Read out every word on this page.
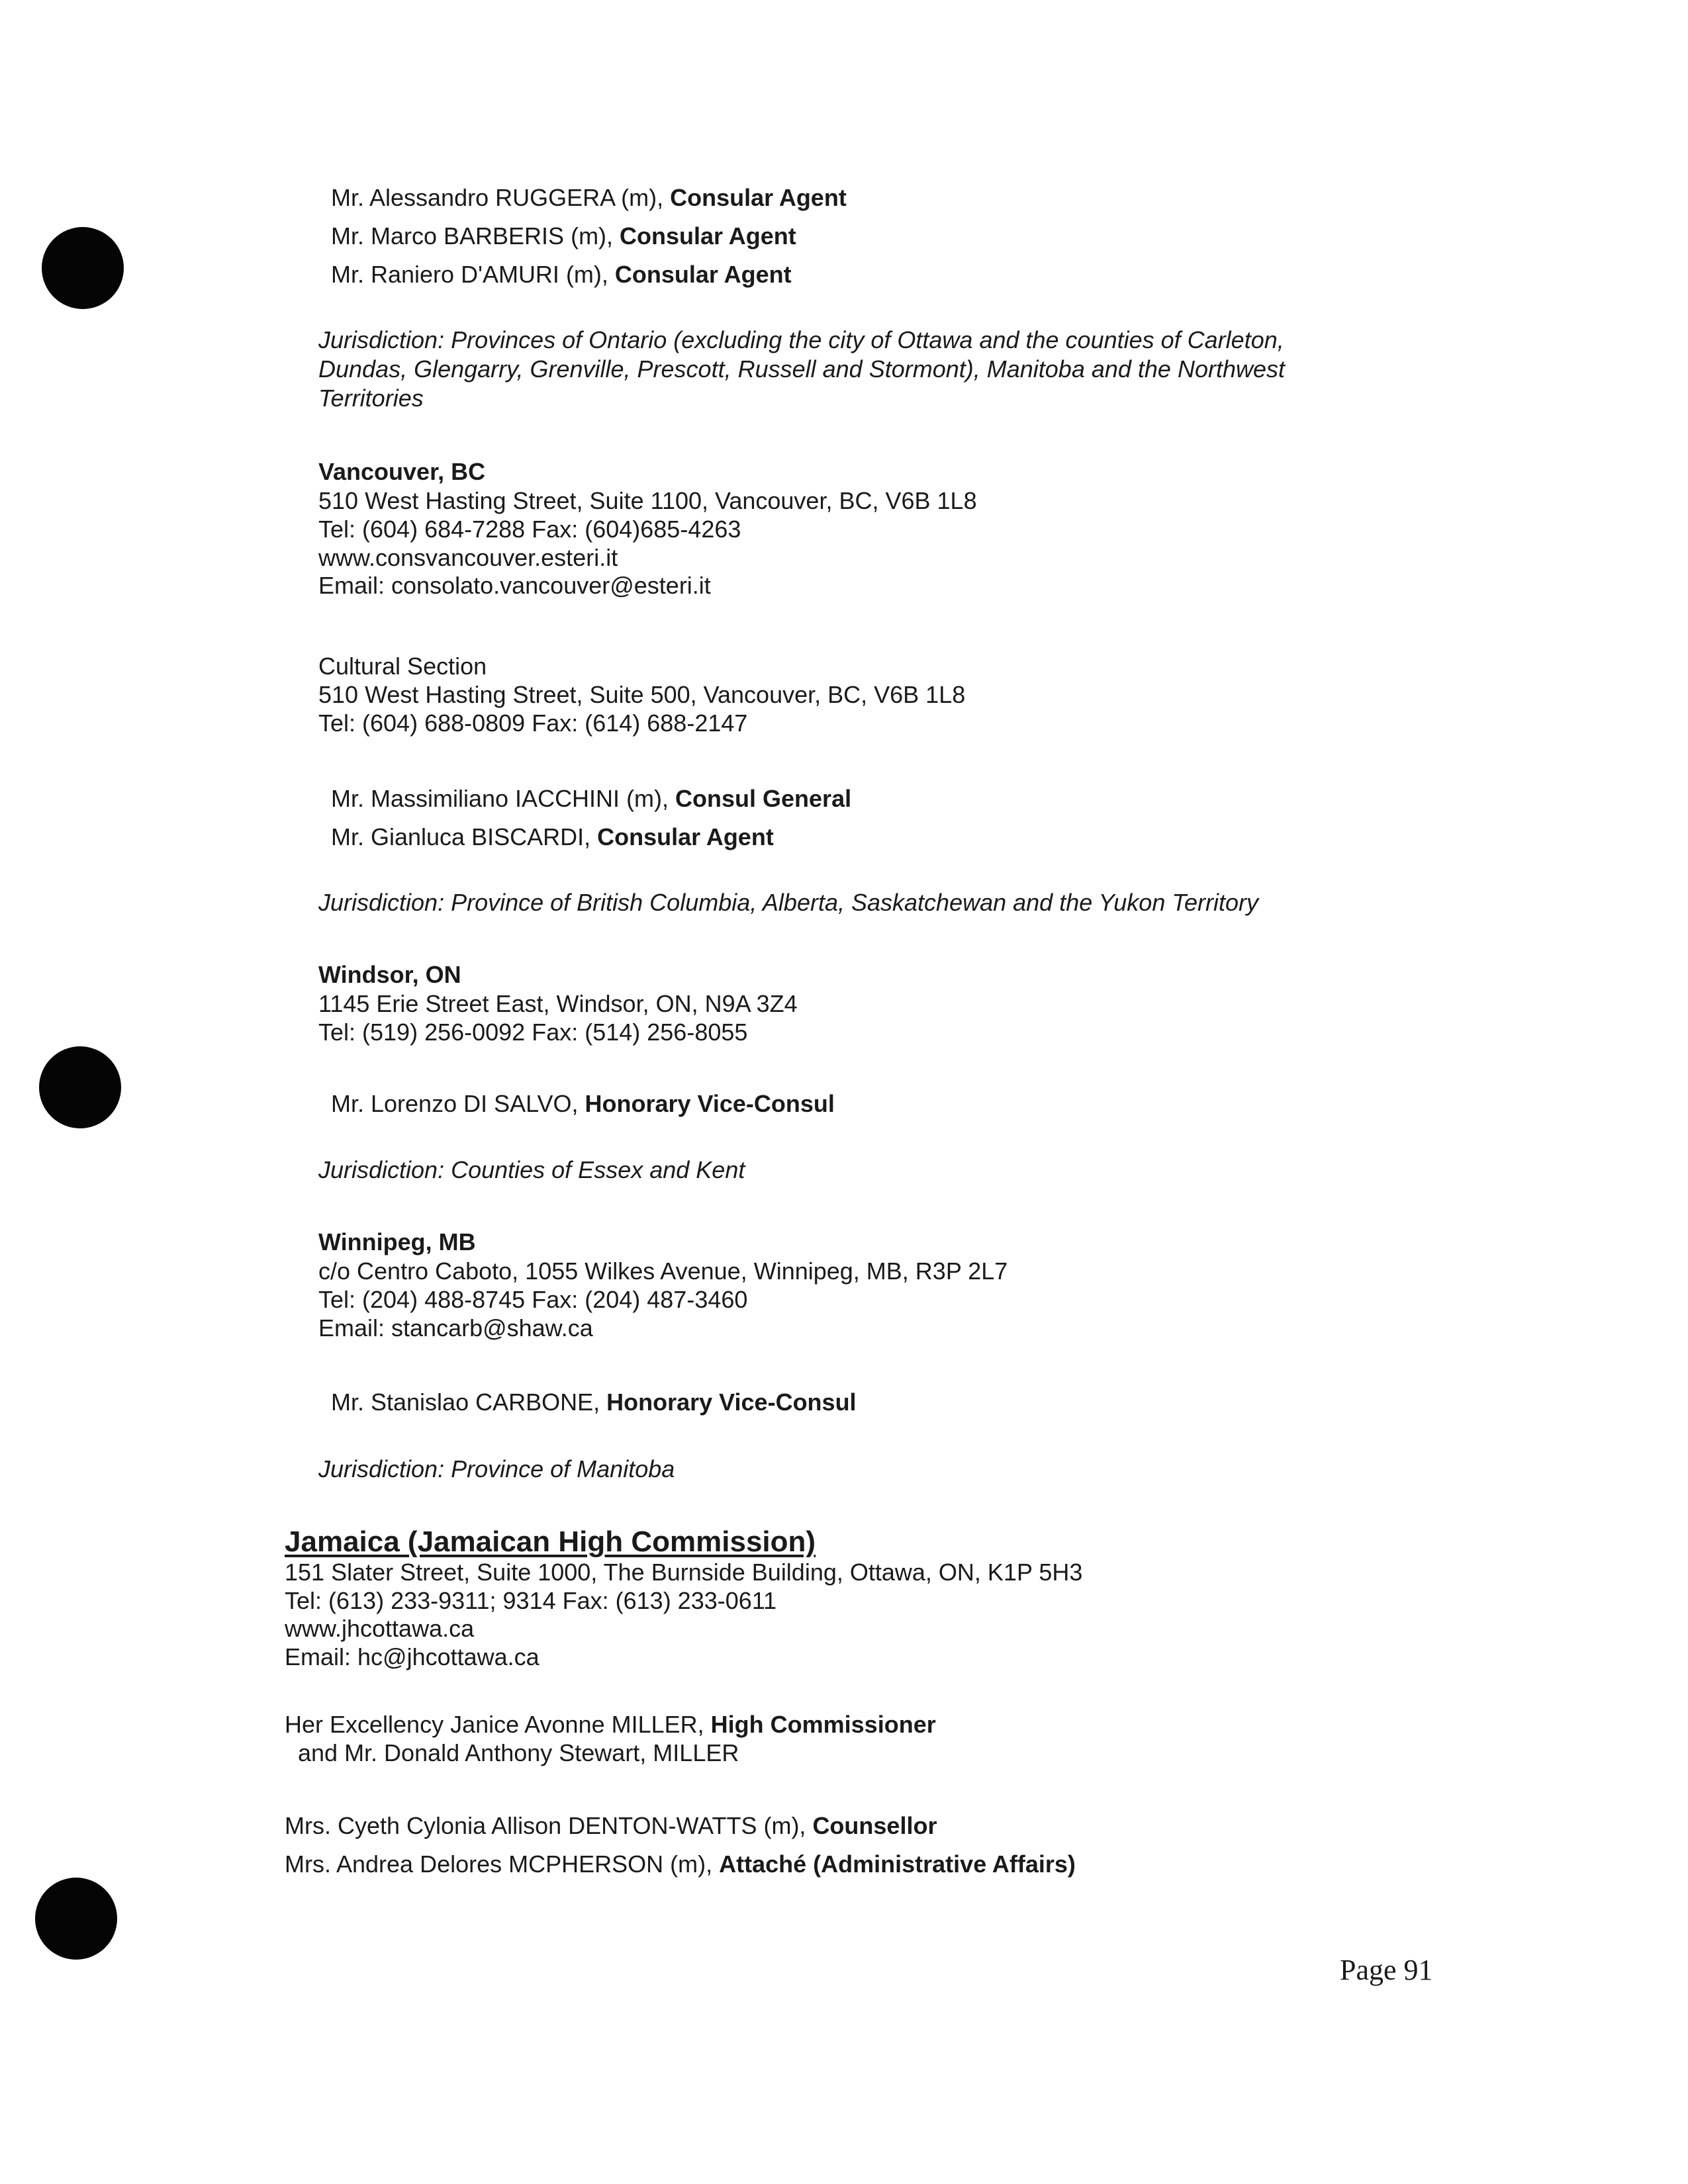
Mr. Alessandro RUGGERA (m), Consular Agent
Mr. Marco BARBERIS (m), Consular Agent
Mr. Raniero D'AMURI (m), Consular Agent
Jurisdiction: Provinces of Ontario (excluding the city of Ottawa and the counties of Carleton,
Dundas, Glengarry, Grenville, Prescott, Russell and Stormont), Manitoba and the Northwest
Territories
Vancouver, BC
510 West Hasting Street, Suite 1100, Vancouver, BC, V6B 1L8
Tel: (604) 684-7288 Fax: (604)685-4263
www.consvancouver.esteri.it
Email: consolato.vancouver@esteri.it
Cultural Section
510 West Hasting Street, Suite 500, Vancouver, BC, V6B 1L8
Tel: (604) 688-0809 Fax: (614) 688-2147
Mr. Massimiliano IACCHINI (m), Consul General
Mr. Gianluca BISCARDI, Consular Agent
Jurisdiction: Province of British Columbia, Alberta, Saskatchewan and the Yukon Territory
Windsor, ON
1145 Erie Street East, Windsor, ON, N9A 3Z4
Tel: (519) 256-0092 Fax: (514) 256-8055
Mr. Lorenzo DI SALVO, Honorary Vice-Consul
Jurisdiction: Counties of Essex and Kent
Winnipeg, MB
c/o Centro Caboto, 1055 Wilkes Avenue, Winnipeg, MB, R3P 2L7
Tel: (204) 488-8745 Fax: (204) 487-3460
Email: stancarb@shaw.ca
Mr. Stanislao CARBONE, Honorary Vice-Consul
Jurisdiction: Province of Manitoba
Jamaica (Jamaican High Commission)
151 Slater Street, Suite 1000, The Burnside Building, Ottawa, ON, K1P 5H3
Tel: (613) 233-9311; 9314 Fax: (613) 233-0611
www.jhcottawa.ca
Email: hc@jhcottawa.ca
Her Excellency Janice Avonne MILLER, High Commissioner
and Mr. Donald Anthony Stewart, MILLER
Mrs. Cyeth Cylonia Allison DENTON-WATTS (m), Counsellor
Mrs. Andrea Delores MCPHERSON (m), Attaché (Administrative Affairs)
Page 91
